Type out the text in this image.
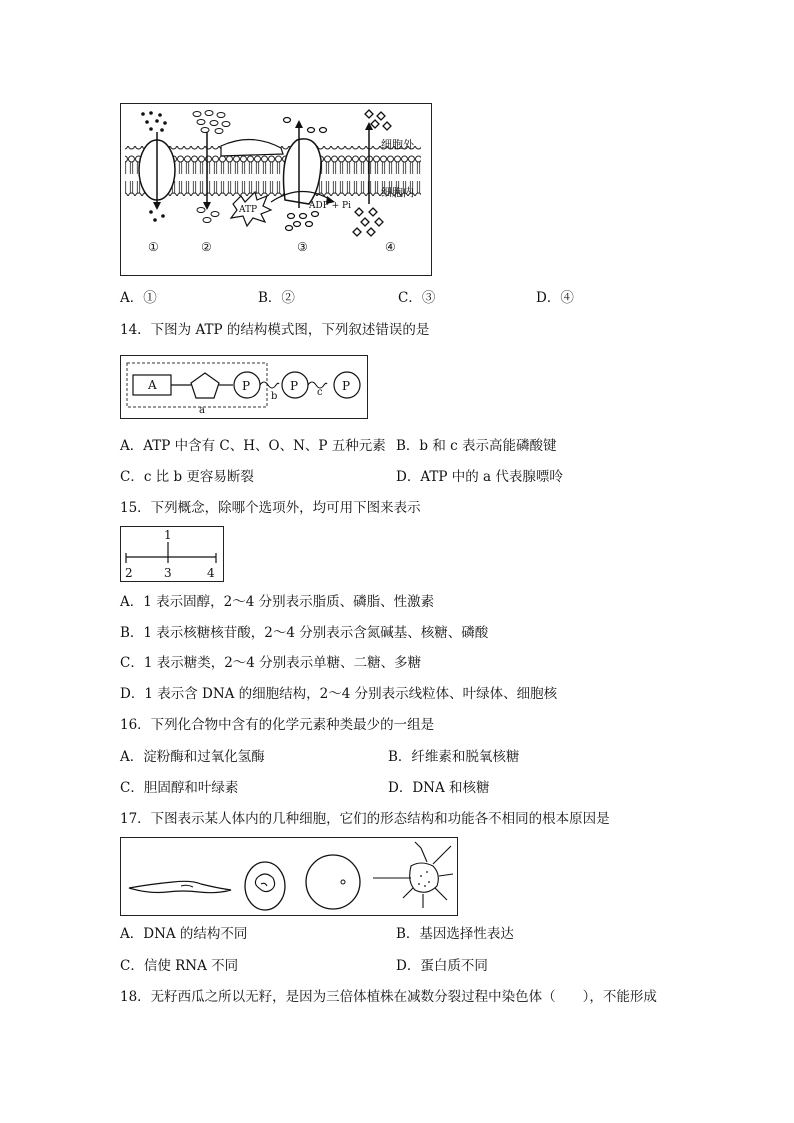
ATP	ADP + Pi
细胞外
细胞内
①	②	③	④
A．①	B．②	C．③	D．④
14．下图为 ATP 的结构模式图，下列叙述错误的是
A	P
b
P c P
a
A．ATP 中含有 C、H、O、N、P 五种元素 B．b 和 c 表示高能磷酸键
C．c 比 b 更容易断裂	D．ATP 中的 a 代表腺嘌呤
15．下列概念，除哪个选项外，均可用下图来表示
1
2	3	4
A．1 表示固醇，2～4 分别表示脂质、磷脂、性激素
B．1 表示核糖核苷酸，2～4 分别表示含氮碱基、核糖、磷酸
C．1 表示糖类，2～4 分别表示单糖、二糖、多糖
D．1 表示含 DNA 的细胞结构，2～4 分别表示线粒体、叶绿体、细胞核
16．下列化合物中含有的化学元素种类最少的一组是
A．淀粉酶和过氧化氢酶	B．纤维素和脱氧核糖
C．胆固醇和叶绿素	D．DNA 和核糖
17．下图表示某人体内的几种细胞，它们的形态结构和功能各不相同的根本原因是
A．DNA 的结构不同	B．基因选择性表达
C．信使 RNA 不同	D．蛋白质不同
18．无籽西瓜之所以无籽，是因为三倍体植株在减数分裂过程中染色体（　　），不能形成
